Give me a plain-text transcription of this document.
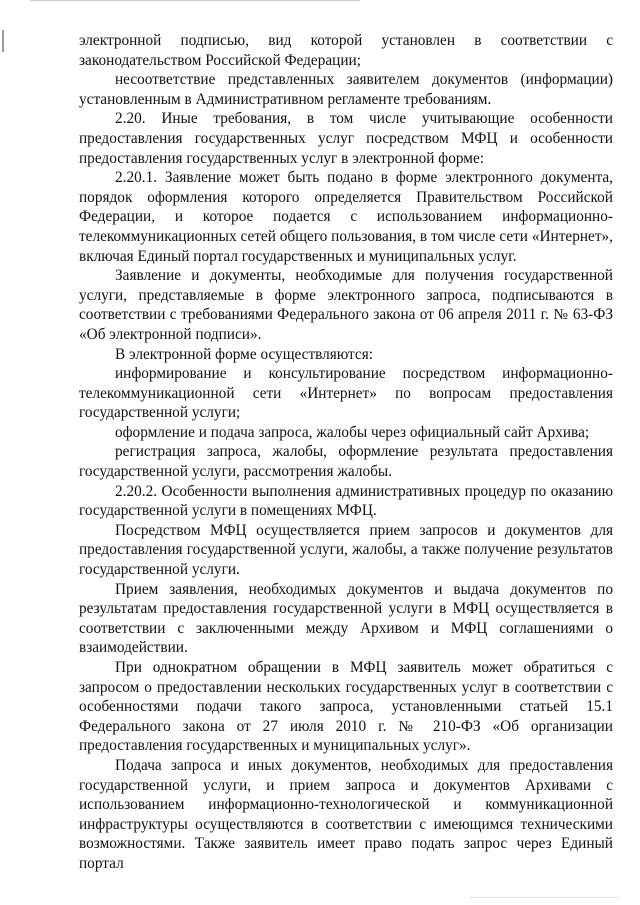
электронной подписью, вид которой установлен в соответствии с законодательством Российской Федерации;

несоответствие представленных заявителем документов (информации) установленным в Административном регламенте требованиям.

2.20. Иные требования, в том числе учитывающие особенности предоставления государственных услуг посредством МФЦ и особенности предоставления государственных услуг в электронной форме:

2.20.1. Заявление может быть подано в форме электронного документа, порядок оформления которого определяется Правительством Российской Федерации, и которое подается с использованием информационно-телекоммуникационных сетей общего пользования, в том числе сети «Интернет», включая Единый портал государственных и муниципальных услуг.

Заявление и документы, необходимые для получения государственной услуги, представляемые в форме электронного запроса, подписываются в соответствии с требованиями Федерального закона от 06 апреля 2011 г. № 63-ФЗ «Об электронной подписи».

В электронной форме осуществляются:

информирование и консультирование посредством информационно-телекоммуникационной сети «Интернет» по вопросам предоставления государственной услуги;

оформление и подача запроса, жалобы через официальный сайт Архива;

регистрация запроса, жалобы, оформление результата предоставления государственной услуги, рассмотрения жалобы.

2.20.2. Особенности выполнения административных процедур по оказанию государственной услуги в помещениях МФЦ.

Посредством МФЦ осуществляется прием запросов и документов для предоставления государственной услуги, жалобы, а также получение результатов государственной услуги.

Прием заявления, необходимых документов и выдача документов по результатам предоставления государственной услуги в МФЦ осуществляется в соответствии с заключенными между Архивом и МФЦ соглашениями о взаимодействии.

При однократном обращении в МФЦ заявитель может обратиться с запросом о предоставлении нескольких государственных услуг в соответствии с особенностями подачи такого запроса, установленными статьей 15.1 Федерального закона от 27 июля 2010 г. № 210-ФЗ «Об организации предоставления государственных и муниципальных услуг».

Подача запроса и иных документов, необходимых для предоставления государственной услуги, и прием запроса и документов Архивами с использованием информационно-технологической и коммуникационной инфраструктуры осуществляются в соответствии с имеющимся техническими возможностями. Также заявитель имеет право подать запрос через Единый портал
